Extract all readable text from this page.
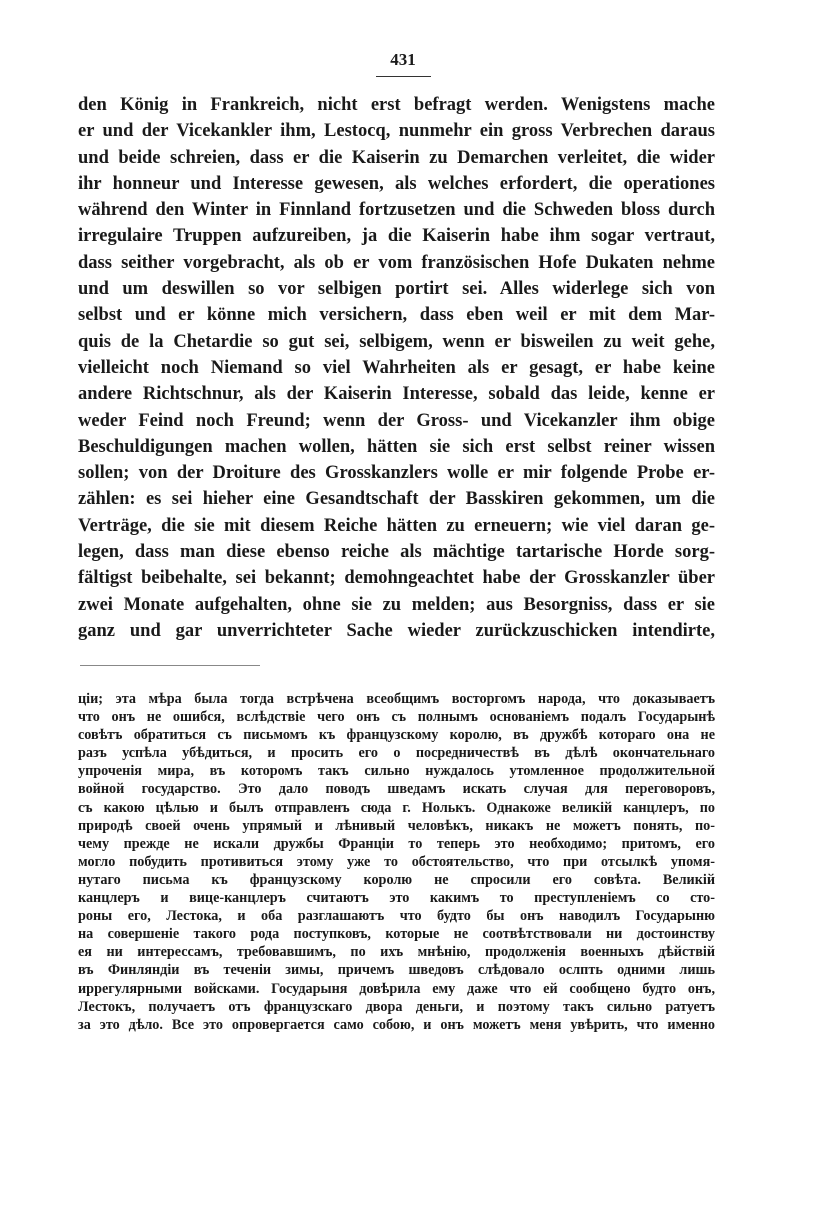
431
den König in Frankreich, nicht erst befragt werden. Wenigstens mache
er und der Vicekankler ihm, Lestocq, nunmehr ein gross Verbrechen daraus
und beide schreien, dass er die Kaiserin zu Demarchen verleitet, die wider
ihr honneur und Interesse gewesen, als welches erfordert, die operationes
während den Winter in Finnland fortzusetzen und die Schweden bloss durch
irregulaire Truppen aufzureiben, ja die Kaiserin habe ihm sogar vertraut,
dass seither vorgebracht, als ob er vom französischen Hofe Dukaten nehme
und um deswillen so vor selbigen portirt sei. Alles widerlege sich von
selbst und er könne mich versichern, dass eben weil er mit dem Mar-
quis de la Chetardie so gut sei, selbigem, wenn er bisweilen zu weit gehe,
vielleicht noch Niemand so viel Wahrheiten als er gesagt, er habe keine
andere Richtschnur, als der Kaiserin Interesse, sobald das leide, kenne er
weder Feind noch Freund; wenn der Gross- und Vicekanzler ihm obige
Beschuldigungen machen wollen, hätten sie sich erst selbst reiner wissen
sollen; von der Droiture des Grosskanzlers wolle er mir folgende Probe er-
zählen: es sei hieher eine Gesandtschaft der Basskiren gekommen, um die
Verträge, die sie mit diesem Reiche hätten zu erneuern; wie viel daran ge-
legen, dass man diese ebenso reiche als mächtige tartarische Horde sorg-
fältigst beibehalte, sei bekannt; demohngeachtet habe der Grosskanzler über
zwei Monate aufgehalten, ohne sie zu melden; aus Besorgniss, dass er sie
ganz und gar unverrichteter Sache wieder zurückzuschicken intendirte,
ціи; эта мѣра была тогда встрѣчена всеобщимъ восторгомъ народа, что доказываетъ
что онъ не ошибся, вслѣдствіе чего онъ съ полнымъ основаніемъ подалъ Государынѣ
совѣтъ обратиться съ письмомъ къ французскому королю, въ дружбѣ котораго она не
разъ успѣла убѣдиться, и просить его о посредничествѣ въ дѣлѣ окончательнаго
упроченія мира, въ которомъ такъ сильно нуждалось утомленное продолжительной
войной государство. Это дало поводъ шведамъ искать случая для переговоровъ,
съ какою цѣлью и былъ отправленъ сюда г. Нолькъ. Однакоже великій канцлеръ, по
природѣ своей очень упрямый и лѣнивый человѣкъ, никакъ не можетъ понять, по-
чему прежде не искали дружбы Франціи то теперь это необходимо; притомъ, его
могло побудить противиться этому уже то обстоятельство, что при отсылкѣ упомя-
нутаго письма къ французскому королю не спросили его совѣта. Великій
канцлеръ и вице-канцлеръ считаютъ это какимъ то преступленіемъ со сто-
роны его, Лестока, и оба разглашаютъ что будто бы онъ наводилъ Государыню
на совершеніе такого рода поступковъ, которые не соотвѣтствовали ни достоинству
ея ни интересcамъ, требовавшимъ, по ихъ мнѣнію, продолженія военныхъ дѣйствій
въ Финляндіи въ теченіи зимы, причемъ шведовъ слѣдовало ослпть одними лишь
иррегулярными войсками. Государыня довѣрила ему даже что ей сообщено будто онъ,
Лестокъ, получаетъ отъ французскаго двора деньги, и поэтому такъ сильно ратуетъ
за это дѣло. Все это опровергается само собою, и онъ можетъ меня увѣрить, что именно
